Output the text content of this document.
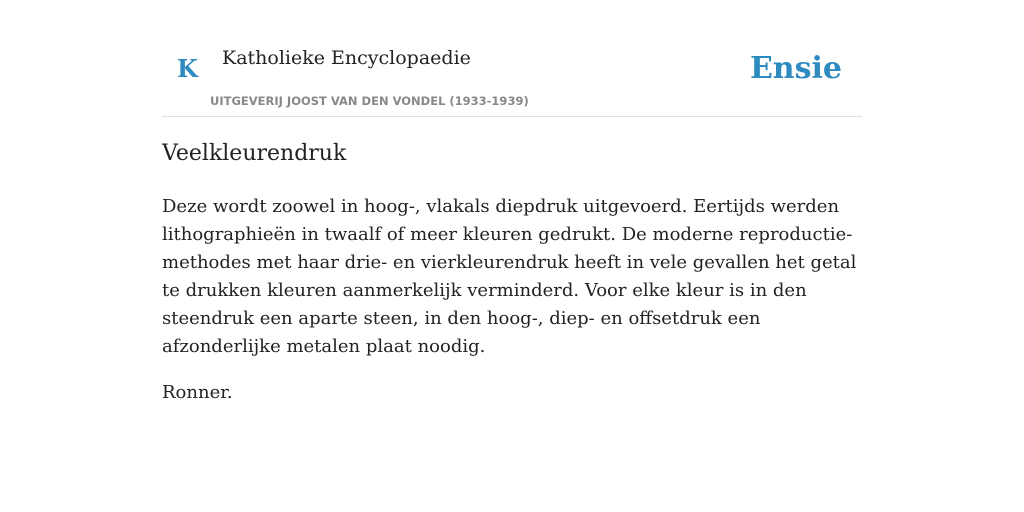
K Katholieke Encyclopaedie
UITGEVERIJ JOOST VAN DEN VONDEL (1933-1939)
Ensie
Veelkleurendruk

Deze wordt zoowel in hoog-, vlakals diepdruk uitgevoerd. Eertijds werden lithographieën in twaalf of meer kleuren gedrukt. De moderne reproductie-methodes met haar drie- en vierkleurendruk heeft in vele gevallen het getal te drukken kleuren aanmerkelijk verminderd. Voor elke kleur is in den steendruk een aparte steen, in den hoog-, diep- en offsetdruk een afzonderlijke metalen plaat noodig.

Ronner.
